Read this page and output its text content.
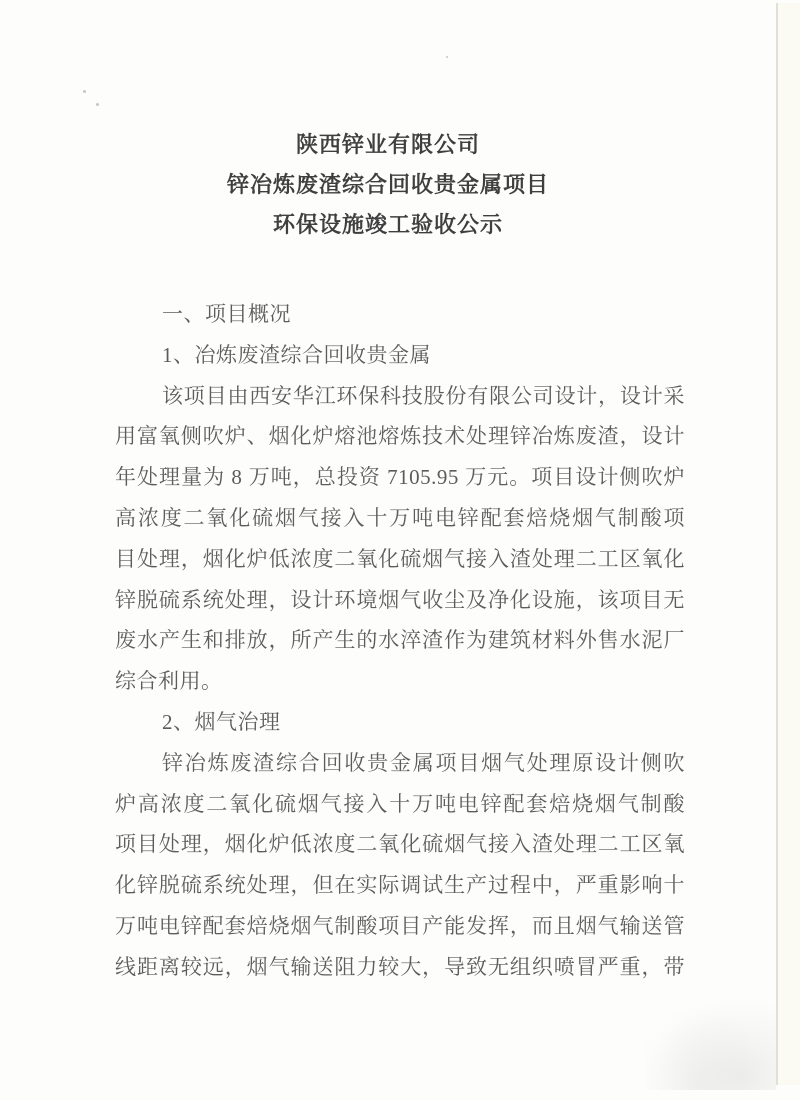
陕西锌业有限公司
锌冶炼废渣综合回收贵金属项目
环保设施竣工验收公示
一、项目概况
1、冶炼废渣综合回收贵金属
该项目由西安华江环保科技股份有限公司设计，设计采
用富氧侧吹炉、烟化炉熔池熔炼技术处理锌冶炼废渣，设计
年处理量为 8 万吨，总投资 7105.95 万元。项目设计侧吹炉
高浓度二氧化硫烟气接入十万吨电锌配套焙烧烟气制酸项
目处理，烟化炉低浓度二氧化硫烟气接入渣处理二工区氧化
锌脱硫系统处理，设计环境烟气收尘及净化设施，该项目无
废水产生和排放，所产生的水淬渣作为建筑材料外售水泥厂
综合利用。
2、烟气治理
锌冶炼废渣综合回收贵金属项目烟气处理原设计侧吹
炉高浓度二氧化硫烟气接入十万吨电锌配套焙烧烟气制酸
项目处理，烟化炉低浓度二氧化硫烟气接入渣处理二工区氧
化锌脱硫系统处理，但在实际调试生产过程中，严重影响十
万吨电锌配套焙烧烟气制酸项目产能发挥，而且烟气输送管
线距离较远，烟气输送阻力较大，导致无组织喷冒严重，带
